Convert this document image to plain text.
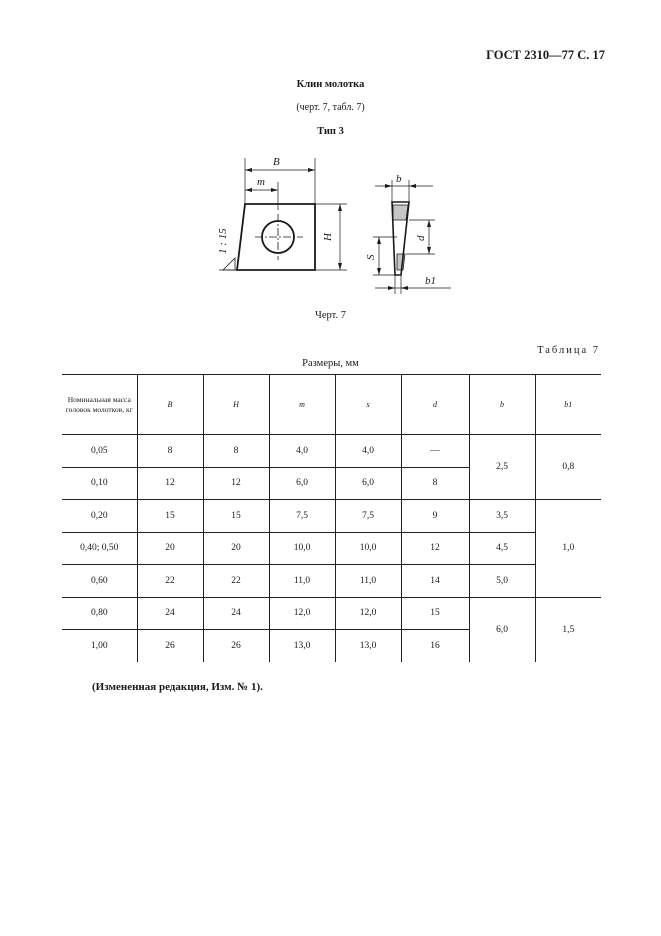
ГОСТ 2310—77 С. 17
Клин молотка
(черт. 7, табл. 7)
Тип 3
B
m
H
b
d
S
b1
1 : 15
Черт. 7
Таблица 7
Размеры, мм
Номинальная масса головок молотков, кг	B	H	m	s	d	b	b1
0,05	8	8	4,0	4,0	—	2,5	0,8
0,10	12	12	6,0	6,0	8		
0,20	15	15	7,5	7,5	9	3,5	1,0
0,40; 0,50	20	20	10,0	10,0	12	4,5	
0,60	22	22	11,0	11,0	14	5,0	
0,80	24	24	12,0	12,0	15	6,0	1,5
1,00	26	26	13,0	13,0	16		
(Измененная редакция, Изм. № 1).
